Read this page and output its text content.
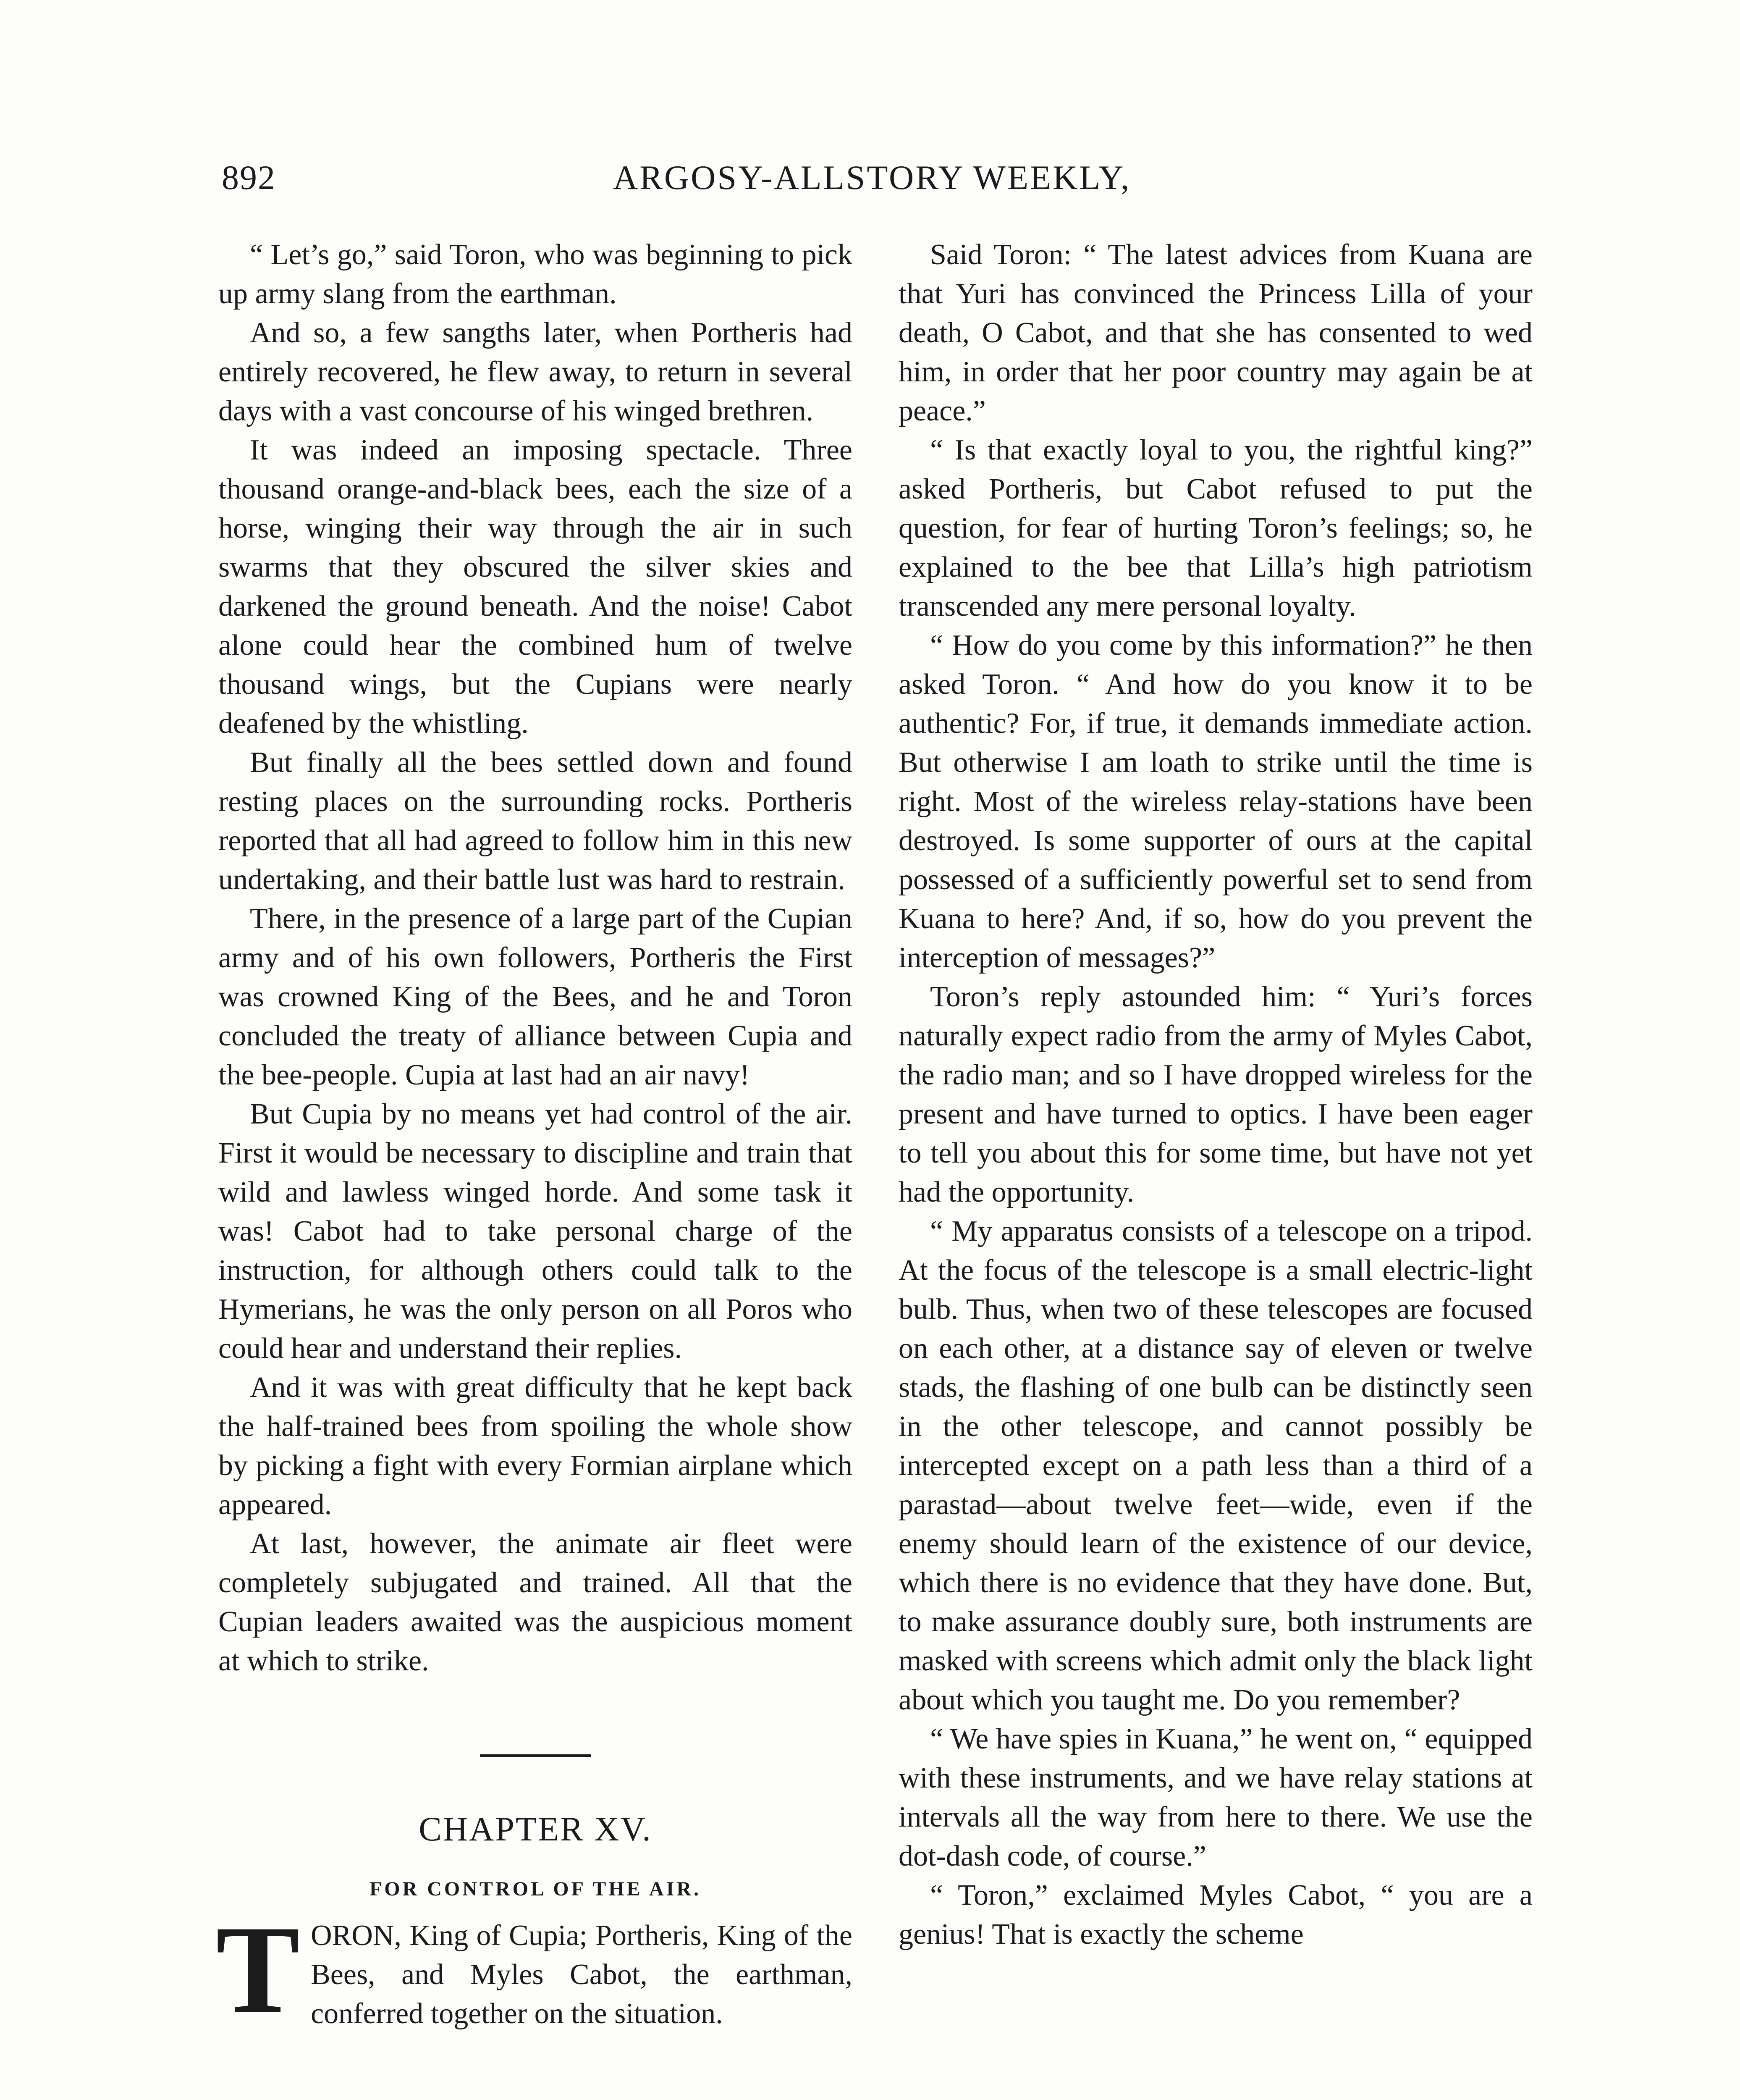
892	ARGOSY-ALLSTORY WEEKLY,

“ Let’s go,” said Toron, who was beginning to pick up army slang from the earthman.

And so, a few sangths later, when Portheris had entirely recovered, he flew away, to return in several days with a vast concourse of his winged brethren.

It was indeed an imposing spectacle. Three thousand orange-and-black bees, each the size of a horse, winging their way through the air in such swarms that they obscured the silver skies and darkened the ground beneath. And the noise! Cabot alone could hear the combined hum of twelve thousand wings, but the Cupians were nearly deafened by the whistling.

But finally all the bees settled down and found resting places on the surrounding rocks. Portheris reported that all had agreed to follow him in this new undertaking, and their battle lust was hard to restrain.

There, in the presence of a large part of the Cupian army and of his own followers, Portheris the First was crowned King of the Bees, and he and Toron concluded the treaty of alliance between Cupia and the bee-people. Cupia at last had an air navy!

But Cupia by no means yet had control of the air. First it would be necessary to discipline and train that wild and lawless winged horde. And some task it was! Cabot had to take personal charge of the instruction, for although others could talk to the Hymerians, he was the only person on all Poros who could hear and understand their replies.

And it was with great difficulty that he kept back the half-trained bees from spoiling the whole show by picking a fight with every Formian airplane which appeared.

At last, however, the animate air fleet were completely subjugated and trained. All that the Cupian leaders awaited was the auspicious moment at which to strike.

CHAPTER XV.

FOR CONTROL OF THE AIR.

TORON, King of Cupia; Portheris, King of the Bees, and Myles Cabot, the earthman, conferred together on the situation.

Said Toron: “ The latest advices from Kuana are that Yuri has convinced the Princess Lilla of your death, O Cabot, and that she has consented to wed him, in order that her poor country may again be at peace.”

“ Is that exactly loyal to you, the rightful king?” asked Portheris, but Cabot refused to put the question, for fear of hurting Toron’s feelings; so, he explained to the bee that Lilla’s high patriotism transcended any mere personal loyalty.

“ How do you come by this information?” he then asked Toron. “ And how do you know it to be authentic? For, if true, it demands immediate action. But otherwise I am loath to strike until the time is right. Most of the wireless relay-stations have been destroyed. Is some supporter of ours at the capital possessed of a sufficiently powerful set to send from Kuana to here? And, if so, how do you prevent the interception of messages?”

Toron’s reply astounded him: “ Yuri’s forces naturally expect radio from the army of Myles Cabot, the radio man; and so I have dropped wireless for the present and have turned to optics. I have been eager to tell you about this for some time, but have not yet had the opportunity.

“ My apparatus consists of a telescope on a tripod. At the focus of the telescope is a small electric-light bulb. Thus, when two of these telescopes are focused on each other, at a distance say of eleven or twelve stads, the flashing of one bulb can be distinctly seen in the other telescope, and cannot possibly be intercepted except on a path less than a third of a parastad—about twelve feet—wide, even if the enemy should learn of the existence of our device, which there is no evidence that they have done. But, to make assurance doubly sure, both instruments are masked with screens which admit only the black light about which you taught me. Do you remember?

“ We have spies in Kuana,” he went on, “ equipped with these instruments, and we have relay stations at intervals all the way from here to there. We use the dot-dash code, of course.”

“ Toron,” exclaimed Myles Cabot, “ you are a genius! That is exactly the scheme
